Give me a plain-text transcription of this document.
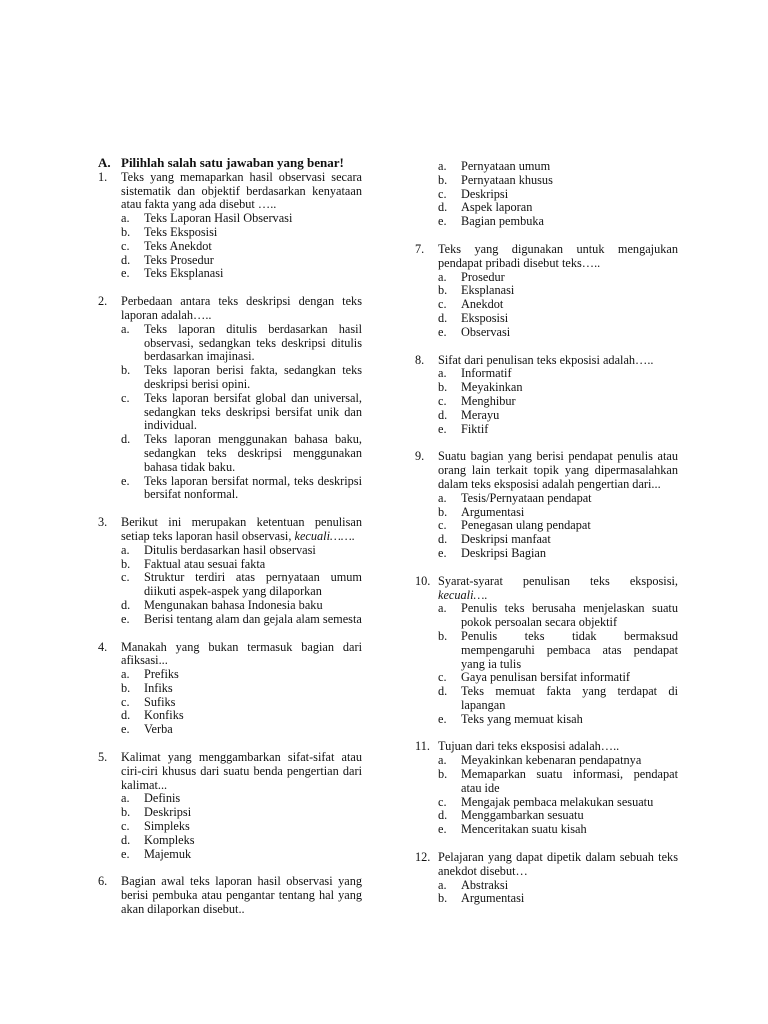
A. Pilihlah salah satu jawaban yang benar!
1.	Teks yang memaparkan hasil observasi secara sistematik dan objektif berdasarkan kenyataan atau fakta yang ada disebut …..
a.	Teks Laporan Hasil Observasi
b.	Teks Eksposisi
c.	Teks Anekdot
d.	Teks Prosedur
e.	Teks Eksplanasi
2.	Perbedaan antara teks deskripsi dengan teks laporan adalah…..
a.	Teks laporan ditulis berdasarkan hasil observasi, sedangkan teks deskripsi ditulis berdasarkan imajinasi.
b.	Teks laporan berisi fakta, sedangkan teks deskripsi berisi opini.
c.	Teks laporan bersifat global dan universal, sedangkan teks deskripsi bersifat unik dan individual.
d.	Teks laporan menggunakan bahasa baku, sedangkan teks deskripsi menggunakan bahasa tidak baku.
e.	Teks laporan bersifat normal, teks deskripsi bersifat nonformal.
3.	Berikut ini merupakan ketentuan penulisan setiap teks laporan hasil observasi, kecuali…….
a.	Ditulis berdasarkan hasil observasi
b.	Faktual atau sesuai fakta
c.	Struktur terdiri atas pernyataan umum diikuti aspek-aspek yang dilaporkan
d.	Mengunakan bahasa Indonesia baku
e.	Berisi tentang alam dan gejala alam semesta
4.	Manakah yang bukan termasuk bagian dari afiksasi...
a.	Prefiks
b.	Infiks
c.	Sufiks
d.	Konfiks
e.	Verba
5.	Kalimat yang menggambarkan sifat-sifat atau ciri-ciri khusus dari suatu benda pengertian dari kalimat...
a.	Definis
b.	Deskripsi
c.	Simpleks
d.	Kompleks
e.	Majemuk
6.	Bagian awal teks laporan hasil observasi yang berisi pembuka atau pengantar tentang hal yang akan dilaporkan disebut..
a.	Pernyataan umum
b.	Pernyataan khusus
c.	Deskripsi
d.	Aspek laporan
e.	Bagian pembuka
7.	Teks yang digunakan untuk mengajukan pendapat pribadi disebut teks…..
a.	Prosedur
b.	Eksplanasi
c.	Anekdot
d.	Eksposisi
e.	Observasi
8.	Sifat dari penulisan teks ekposisi adalah…..
a.	Informatif
b.	Meyakinkan
c.	Menghibur
d.	Merayu
e.	Fiktif
9.	Suatu bagian yang berisi pendapat penulis atau orang lain terkait topik yang dipermasalahkan dalam teks eksposisi adalah pengertian dari...
a.	Tesis/Pernyataan pendapat
b.	Argumentasi
c.	Penegasan ulang pendapat
d.	Deskripsi manfaat
e.	Deskripsi Bagian
10. Syarat-syarat penulisan teks eksposisi, kecuali….
a.	Penulis teks berusaha menjelaskan suatu pokok persoalan secara objektif
b.	Penulis teks tidak bermaksud mempengaruhi pembaca atas pendapat yang ia tulis
c.	Gaya penulisan bersifat informatif
d.	Teks memuat fakta yang terdapat di lapangan
e.	Teks yang memuat kisah
11. Tujuan dari teks eksposisi adalah…..
a.	Meyakinkan kebenaran pendapatnya
b.	Memaparkan suatu informasi, pendapat atau ide
c.	Mengajak pembaca melakukan sesuatu
d.	Menggambarkan sesuatu
e.	Menceritakan suatu kisah
12. Pelajaran yang dapat dipetik dalam sebuah teks anekdot disebut…
a.	Abstraksi
b.	Argumentasi
